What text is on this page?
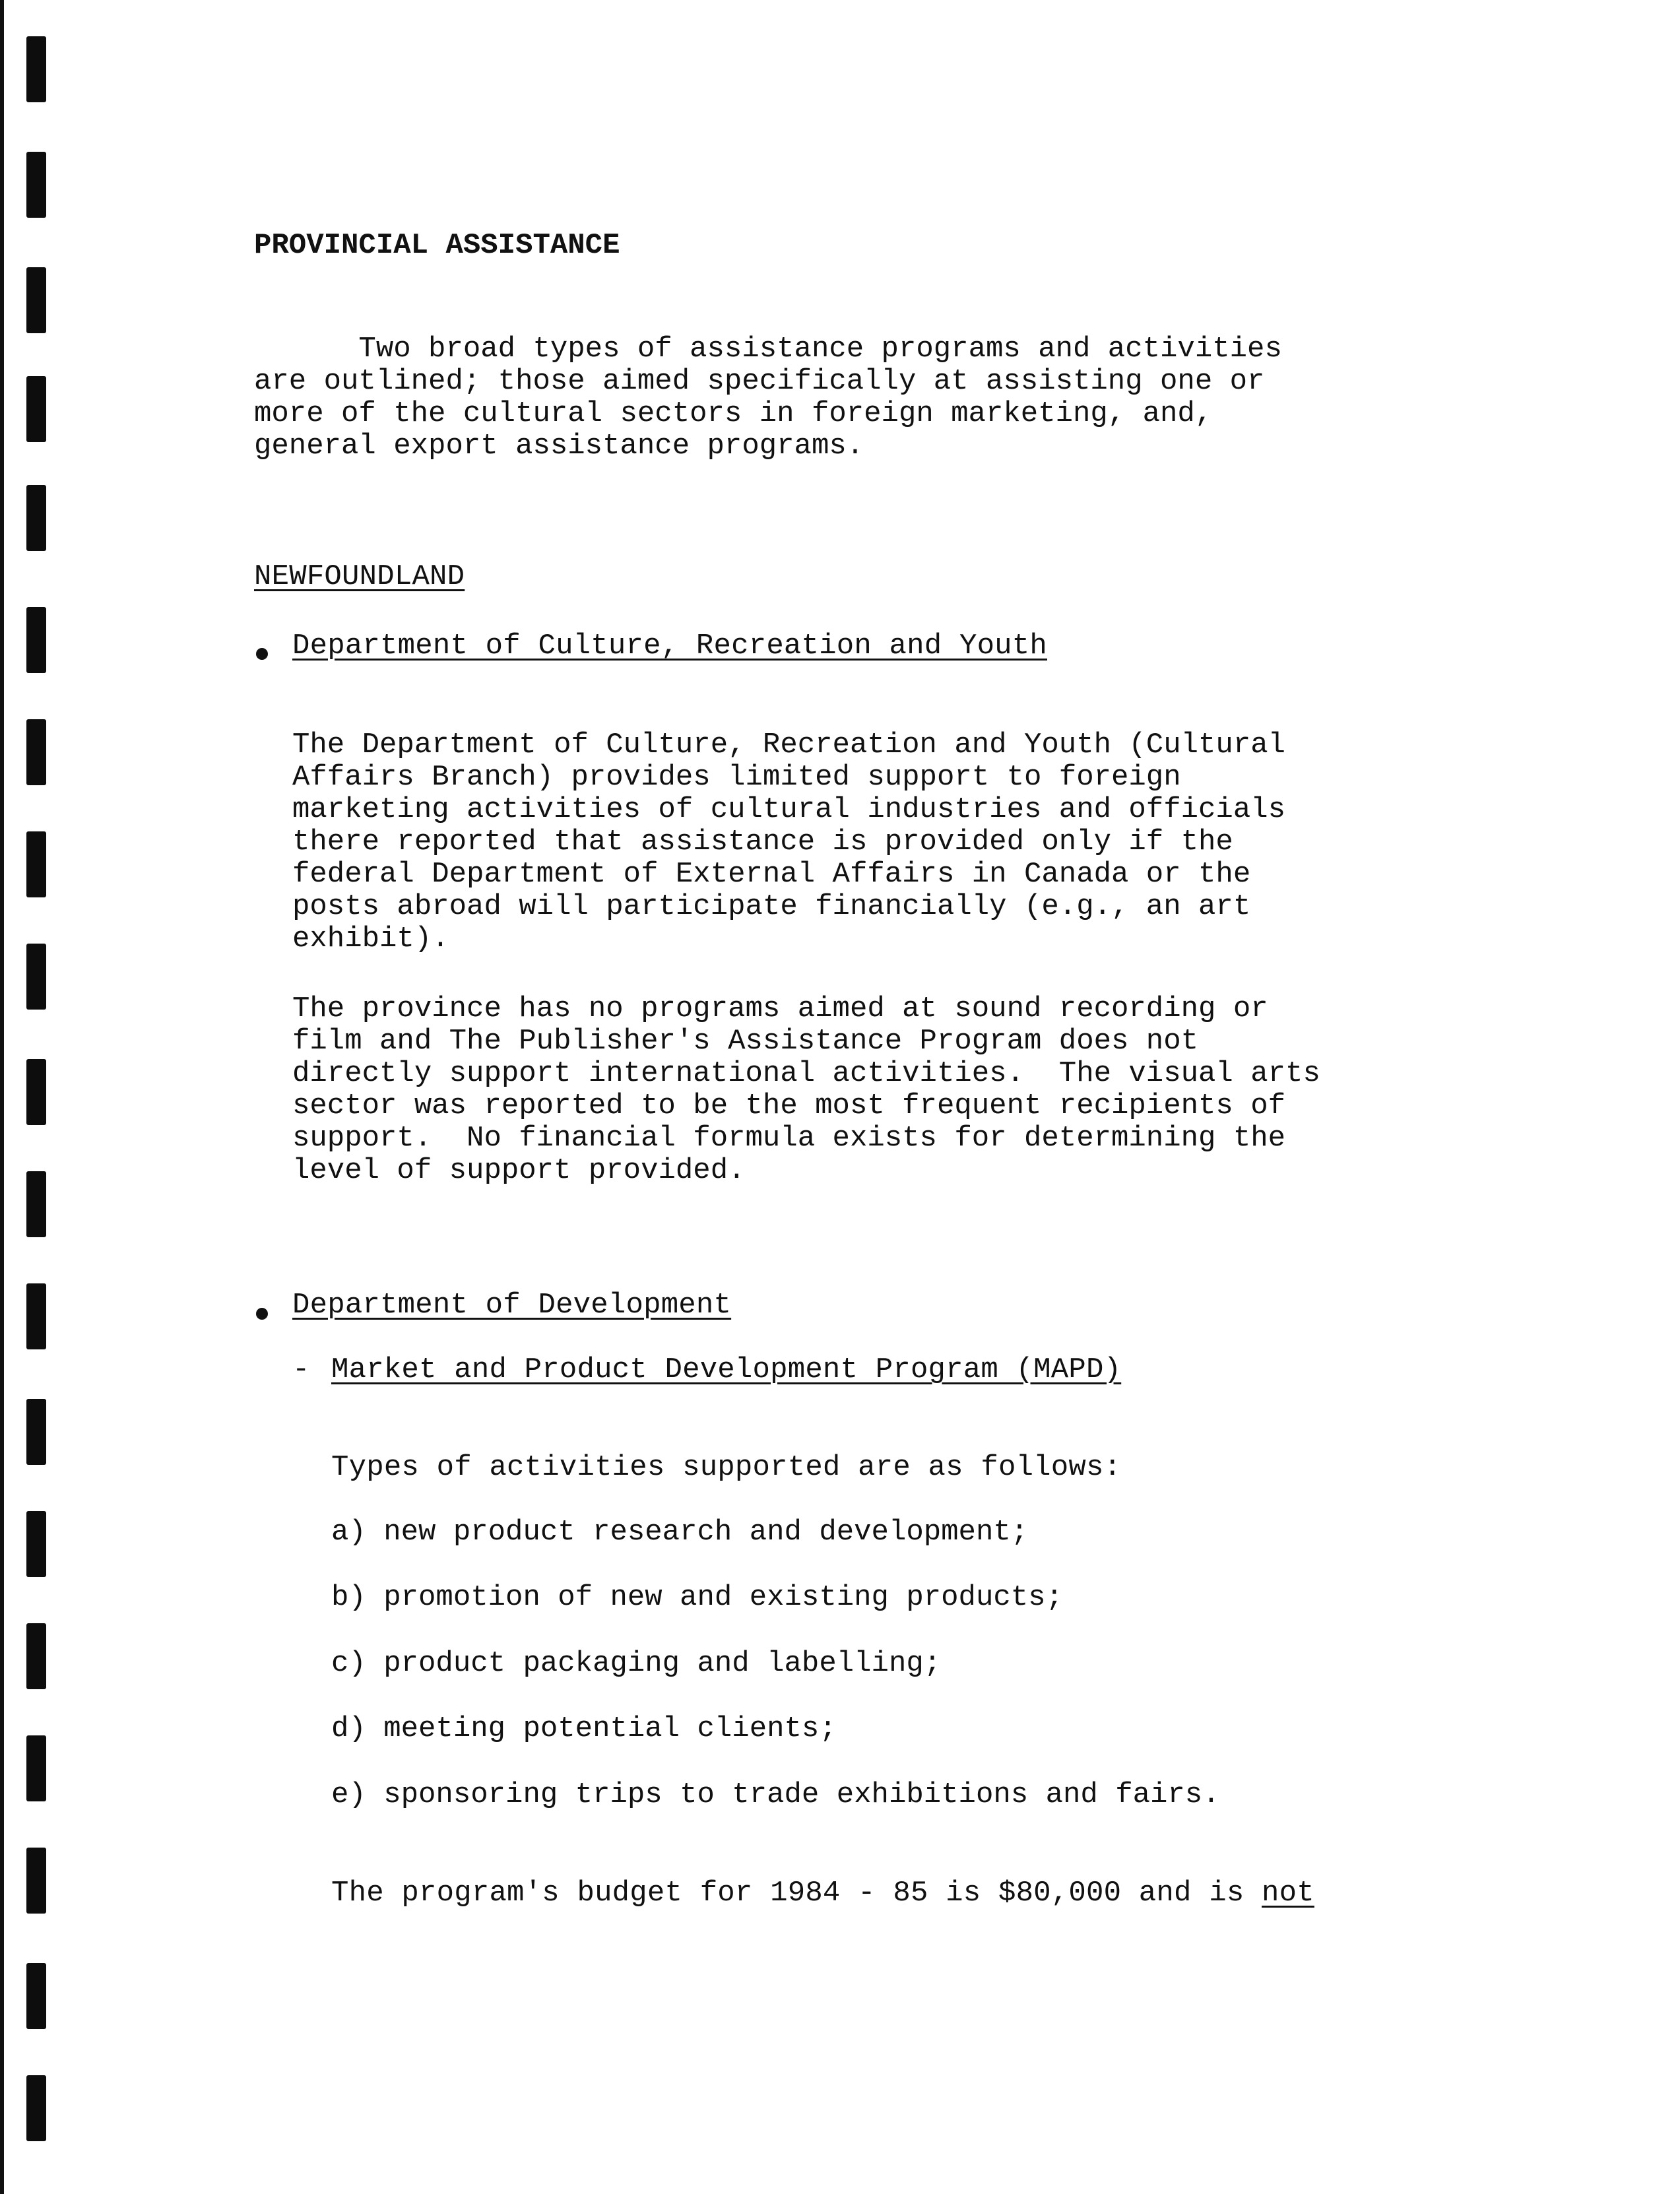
PROVINCIAL ASSISTANCE
Two broad types of assistance programs and activities
are outlined; those aimed specifically at assisting one or
more of the cultural sectors in foreign marketing, and,
general export assistance programs.
NEWFOUNDLAND
Department of Culture, Recreation and Youth
The Department of Culture, Recreation and Youth (Cultural
Affairs Branch) provides limited support to foreign
marketing activities of cultural industries and officials
there reported that assistance is provided only if the
federal Department of External Affairs in Canada or the
posts abroad will participate financially (e.g., an art
exhibit).
The province has no programs aimed at sound recording or
film and The Publisher's Assistance Program does not
directly support international activities.  The visual arts
sector was reported to be the most frequent recipients of
support.  No financial formula exists for determining the
level of support provided.
Department of Development
- Market and Product Development Program (MAPD)
Types of activities supported are as follows:
a) new product research and development;
b) promotion of new and existing products;
c) product packaging and labelling;
d) meeting potential clients;
e) sponsoring trips to trade exhibitions and fairs.
The program's budget for 1984 - 85 is $80,000 and is not
